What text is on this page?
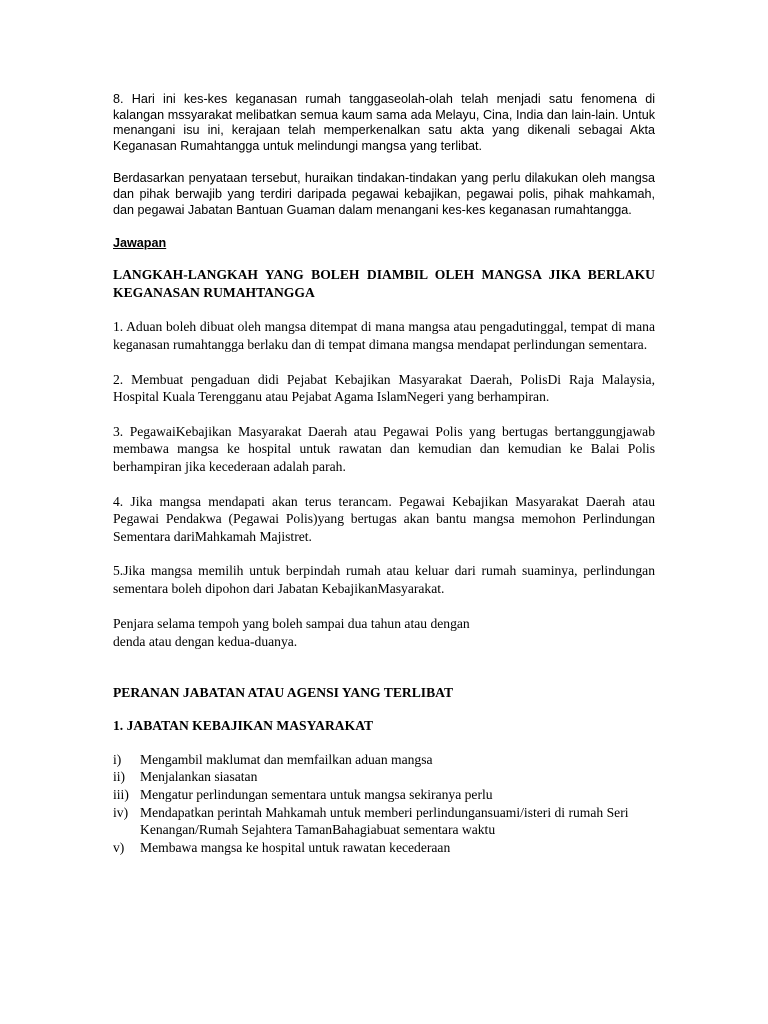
8. Hari ini kes-kes keganasan rumah tanggaseolah-olah telah menjadi satu fenomena di kalangan mssyarakat melibatkan semua kaum sama ada Melayu, Cina, India dan lain-lain. Untuk menangani isu ini, kerajaan telah memperkenalkan satu akta yang dikenali sebagai Akta Keganasan Rumahtangga untuk melindungi mangsa yang terlibat.

Berdasarkan penyataan tersebut, huraikan tindakan-tindakan yang perlu dilakukan oleh mangsa dan pihak berwajib yang terdiri daripada pegawai kebajikan, pegawai polis, pihak mahkamah, dan pegawai Jabatan Bantuan Guaman dalam menangani kes-kes keganasan rumahtangga.

Jawapan

LANGKAH-LANGKAH YANG BOLEH DIAMBIL OLEH MANGSA JIKA BERLAKU KEGANASAN RUMAHTANGGA

1. Aduan boleh dibuat oleh mangsa ditempat di mana mangsa atau pengadutinggal, tempat di mana keganasan rumahtangga berlaku dan di tempat dimana mangsa mendapat perlindungan sementara.

2. Membuat pengaduan didi Pejabat Kebajikan Masyarakat Daerah, PolisDi Raja Malaysia, Hospital Kuala Terengganu atau Pejabat Agama IslamNegeri yang berhampiran.

3. PegawaiKebajikan Masyarakat Daerah atau Pegawai Polis yang bertugas bertanggungjawab membawa mangsa ke hospital untuk rawatan dan kemudian dan kemudian ke Balai Polis berhampiran jika kecederaan adalah parah.

4. Jika mangsa mendapati akan terus terancam. Pegawai Kebajikan Masyarakat Daerah atau Pegawai Pendakwa (Pegawai Polis)yang bertugas akan bantu mangsa memohon Perlindungan Sementara dariMahkamah Majistret.

5.Jika mangsa memilih untuk berpindah rumah atau keluar dari rumah suaminya, perlindungan sementara boleh dipohon dari Jabatan KebajikanMasyarakat.

Penjara selama tempoh yang boleh sampai dua tahun atau dengan
denda atau dengan kedua-duanya.

PERANAN JABATAN ATAU AGENSI YANG TERLIBAT

1. JABATAN KEBAJIKAN MASYARAKAT

i)	Mengambil maklumat dan memfailkan aduan mangsa
ii)	Menjalankan siasatan
iii) Mengatur perlindungan sementara untuk mangsa sekiranya perlu
iv) Mendapatkan perintah Mahkamah untuk memberi perlindungansuami/isteri di rumah Seri Kenangan/Rumah Sejahtera TamanBahagiabuat sementara waktu
v)	Membawa mangsa ke hospital untuk rawatan kecederaan
